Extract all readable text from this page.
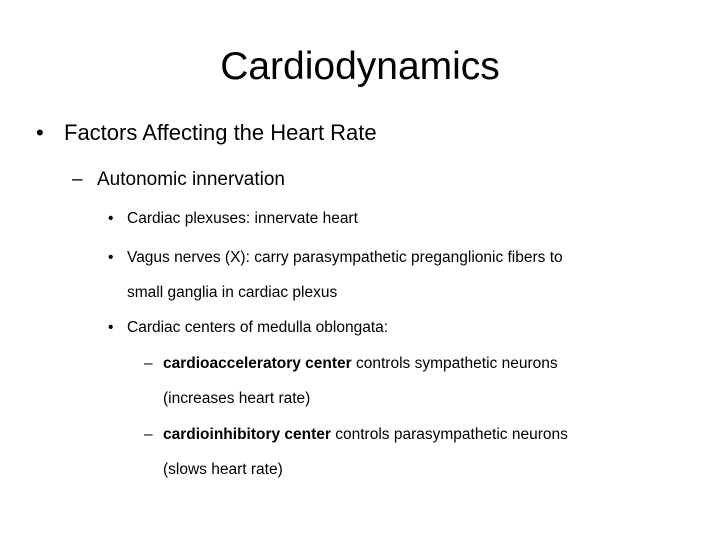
Cardiodynamics
• Factors Affecting the Heart Rate
– Autonomic innervation
• Cardiac plexuses: innervate heart
• Vagus nerves (X): carry parasympathetic preganglionic fibers to
small ganglia in cardiac plexus
• Cardiac centers of medulla oblongata:
– cardioacceleratory center controls sympathetic neurons
(increases heart rate)
– cardioinhibitory center controls parasympathetic neurons
(slows heart rate)
